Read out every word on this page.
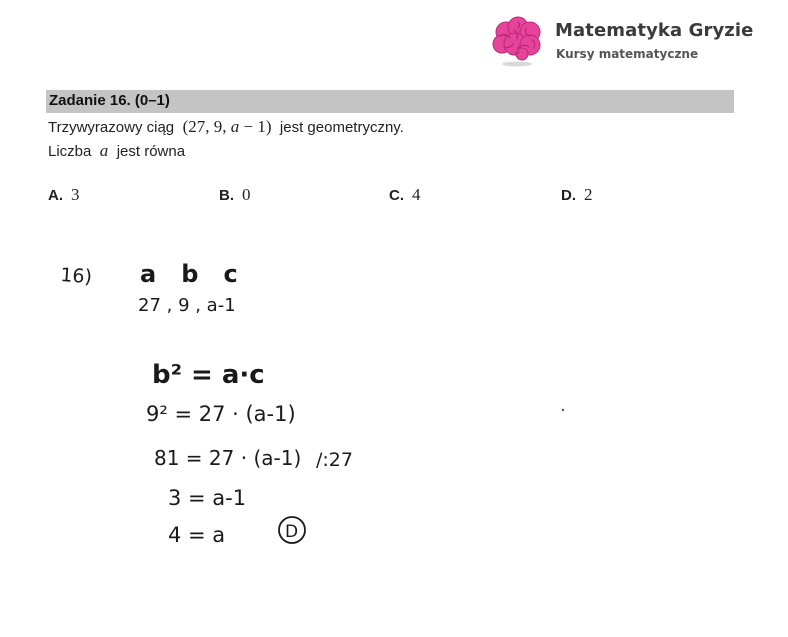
Matematyka Gryzie
Kursy matematyczne
Zadanie 16. (0–1)
Trzywyrazowy ciąg (27, 9, a − 1) jest geometryczny.
Liczba a jest równa
A. 3	B. 0	C. 4	D. 2
16) a   b   c
27 , 9 , a-1
b² = a·c
9² = 27 · (a-1)
81 = 27 · (a-1) /:27
3 = a-1
4 = a	D
